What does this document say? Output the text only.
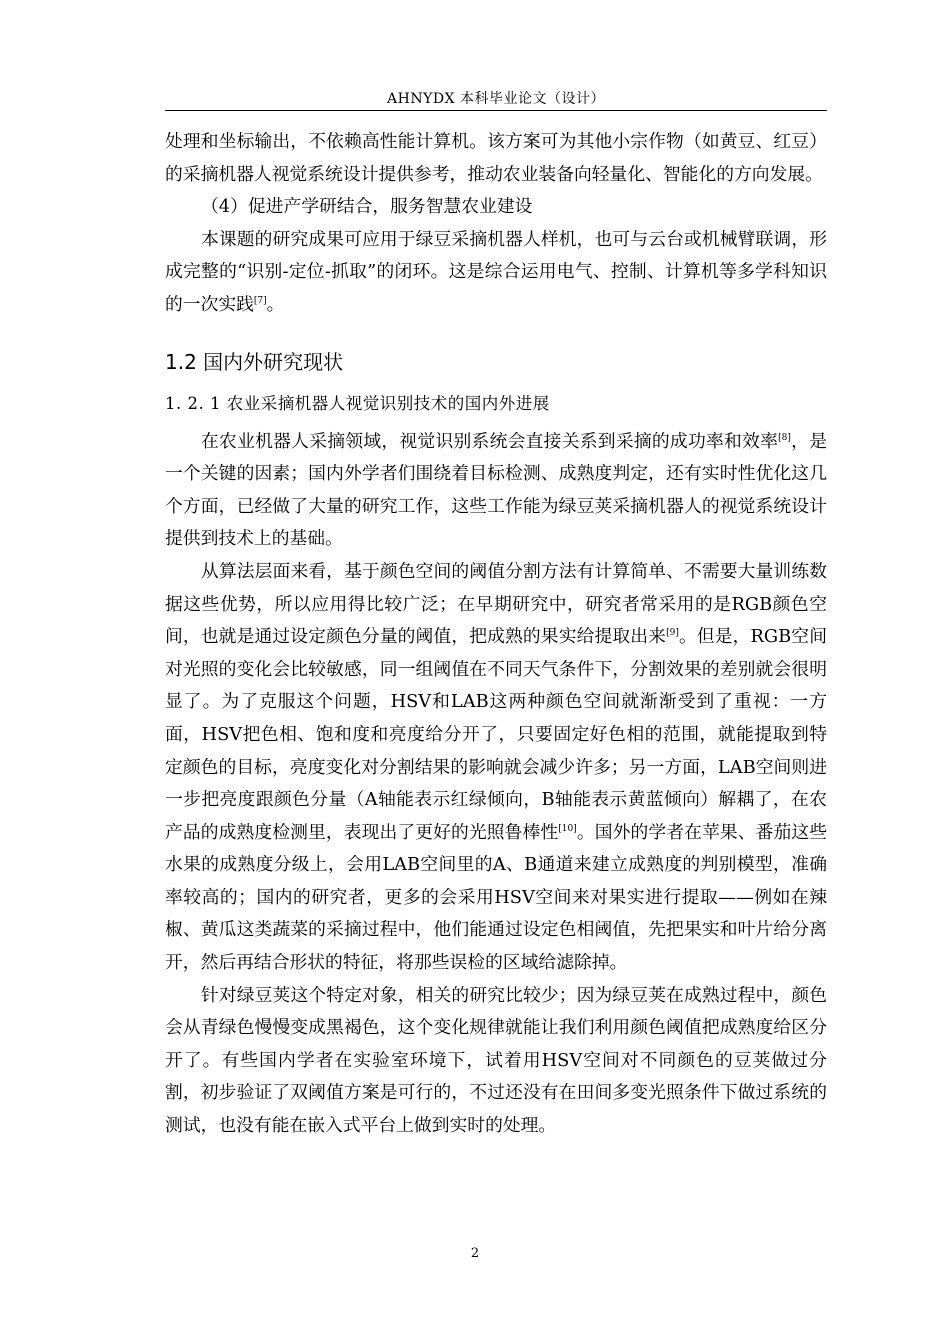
AHNYDX 本科毕业论文（设计）

处理和坐标输出，不依赖高性能计算机。该方案可为其他小宗作物（如黄豆、红豆）的采摘机器人视觉系统设计提供参考，推动农业装备向轻量化、智能化的方向发展。

（4）促进产学研结合，服务智慧农业建设

本课题的研究成果可应用于绿豆采摘机器人样机，也可与云台或机械臂联调，形成完整的“识别-定位-抓取”的闭环。这是综合运用电气、控制、计算机等多学科知识的一次实践[7]。

1.2 国内外研究现状
1. 2. 1 农业采摘机器人视觉识别技术的国内外进展

在农业机器人采摘领域，视觉识别系统会直接关系到采摘的成功率和效率[8]，是一个关键的因素；国内外学者们围绕着目标检测、成熟度判定，还有实时性优化这几个方面，已经做了大量的研究工作，这些工作能为绿豆荚采摘机器人的视觉系统设计提供到技术上的基础。

从算法层面来看，基于颜色空间的阈值分割方法有计算简单、不需要大量训练数据这些优势，所以应用得比较广泛；在早期研究中，研究者常采用的是RGB颜色空间，也就是通过设定颜色分量的阈值，把成熟的果实给提取出来[9]。但是，RGB空间对光照的变化会比较敏感，同一组阈值在不同天气条件下，分割效果的差别就会很明显了。为了克服这个问题，HSV和LAB这两种颜色空间就渐渐受到了重视：一方面，HSV把色相、饱和度和亮度给分开了，只要固定好色相的范围，就能提取到特定颜色的目标，亮度变化对分割结果的影响就会减少许多；另一方面，LAB空间则进一步把亮度跟颜色分量（A轴能表示红绿倾向，B轴能表示黄蓝倾向）解耦了，在农产品的成熟度检测里，表现出了更好的光照鲁棒性[10]。国外的学者在苹果、番茄这些水果的成熟度分级上，会用LAB空间里的A、B通道来建立成熟度的判别模型，准确率较高的；国内的研究者，更多的会采用HSV空间来对果实进行提取——例如在辣椒、黄瓜这类蔬菜的采摘过程中，他们能通过设定色相阈值，先把果实和叶片给分离开，然后再结合形状的特征，将那些误检的区域给滤除掉。

针对绿豆荚这个特定对象，相关的研究比较少；因为绿豆荚在成熟过程中，颜色会从青绿色慢慢变成黑褐色，这个变化规律就能让我们利用颜色阈值把成熟度给区分开了。有些国内学者在实验室环境下，试着用HSV空间对不同颜色的豆荚做过分割，初步验证了双阈值方案是可行的，不过还没有在田间多变光照条件下做过系统的测试，也没有能在嵌入式平台上做到实时的处理。

2
